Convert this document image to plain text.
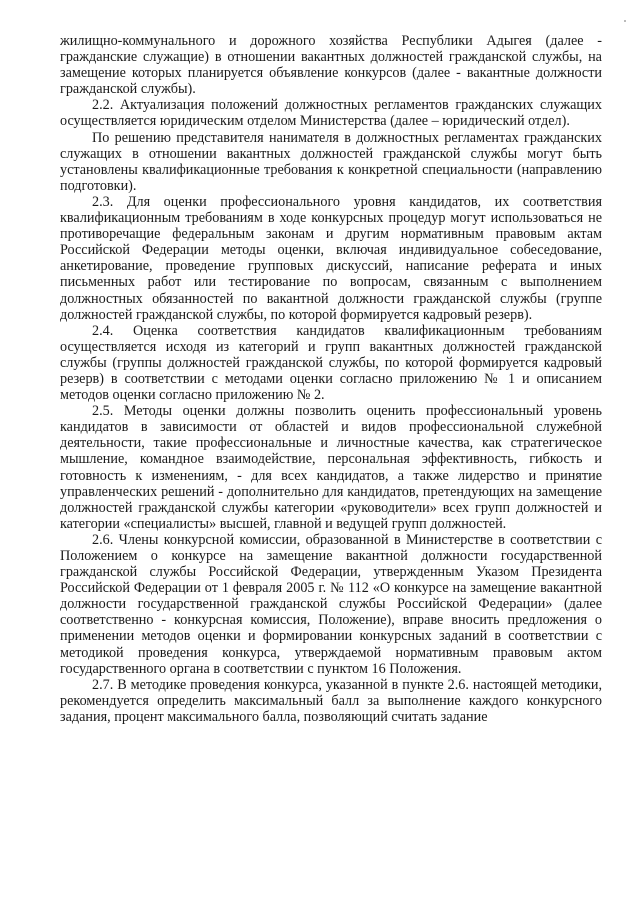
жилищно-коммунального и дорожного хозяйства Республики Адыгея (далее - гражданские служащие) в отношении вакантных должностей гражданской службы, на замещение которых планируется объявление конкурсов (далее - вакантные должности гражданской службы).

2.2. Актуализация положений должностных регламентов гражданских служащих осуществляется юридическим отделом Министерства (далее – юридический отдел).

По решению представителя нанимателя в должностных регламентах гражданских служащих в отношении вакантных должностей гражданской службы могут быть установлены квалификационные требования к конкретной специальности (направлению подготовки).

2.3. Для оценки профессионального уровня кандидатов, их соответствия квалификационным требованиям в ходе конкурсных процедур могут использоваться не противоречащие федеральным законам и другим нормативным правовым актам Российской Федерации методы оценки, включая индивидуальное собеседование, анкетирование, проведение групповых дискуссий, написание реферата и иных письменных работ или тестирование по вопросам, связанным с выполнением должностных обязанностей по вакантной должности гражданской службы (группе должностей гражданской службы, по которой формируется кадровый резерв).

2.4. Оценка соответствия кандидатов квалификационным требованиям осуществляется исходя из категорий и групп вакантных должностей гражданской службы (группы должностей гражданской службы, по которой формируется кадровый резерв) в соответствии с методами оценки согласно приложению № 1 и описанием методов оценки согласно приложению № 2.

2.5. Методы оценки должны позволить оценить профессиональный уровень кандидатов в зависимости от областей и видов профессиональной служебной деятельности, такие профессиональные и личностные качества, как стратегическое мышление, командное взаимодействие, персональная эффективность, гибкость и готовность к изменениям, - для всех кандидатов, а также лидерство и принятие управленческих решений - дополнительно для кандидатов, претендующих на замещение должностей гражданской службы категории «руководители» всех групп должностей и категории «специалисты» высшей, главной и ведущей групп должностей.

2.6. Члены конкурсной комиссии, образованной в Министерстве в соответствии с Положением о конкурсе на замещение вакантной должности государственной гражданской службы Российской Федерации, утвержденным Указом Президента Российской Федерации от 1 февраля 2005 г. № 112 «О конкурсе на замещение вакантной должности государственной гражданской службы Российской Федерации» (далее соответственно - конкурсная комиссия, Положение), вправе вносить предложения о применении методов оценки и формировании конкурсных заданий в соответствии с методикой проведения конкурса, утверждаемой нормативным правовым актом государственного органа в соответствии с пунктом 16 Положения.

2.7. В методике проведения конкурса, указанной в пункте 2.6. настоящей методики, рекомендуется определить максимальный балл за выполнение каждого конкурсного задания, процент максимального балла, позволяющий считать задание
